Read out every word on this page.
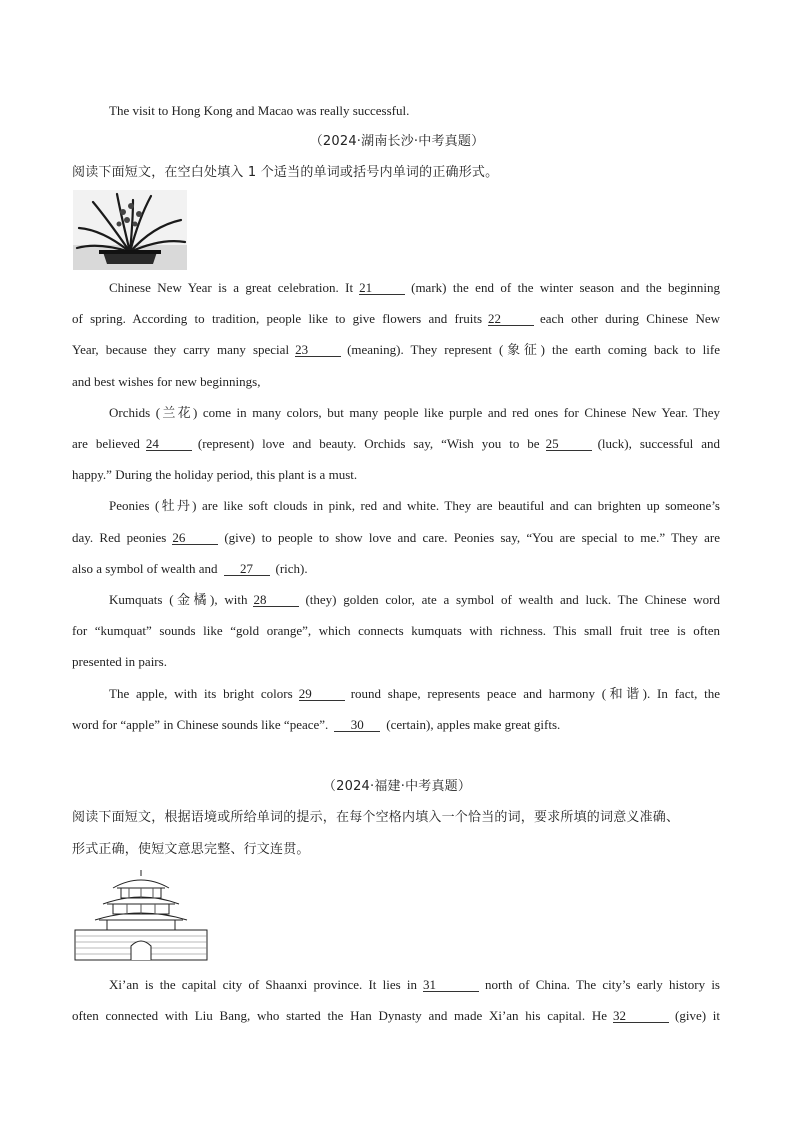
The visit to Hong Kong and Macao was really successful.
（2024·湖南长沙·中考真题）
阅读下面短文，在空白处填入 1 个适当的单词或括号内单词的正确形式。
Chinese New Year is a great celebration. It 21	(mark) the end of the winter season and the beginning
of spring. According to tradition, people like to give flowers and fruits 22	each other during Chinese New
Year, because they carry many special 23	(meaning). They represent (象征) the earth coming back to life
and best wishes for new beginnings,
Orchids (兰花) come in many colors, but many people like purple and red ones for Chinese New Year. They
are believed 24	(represent) love and beauty. Orchids say, “Wish you to be 25	(luck), successful and
happy.” During the holiday period, this plant is a must.
Peonies (牡丹) are like soft clouds in pink, red and white. They are beautiful and can brighten up someone’s
day. Red peonies 26	(give) to people to show love and care. Peonies say, “You are special to me.” They are
also a symbol of wealth and 27 (rich).
Kumquats (金橘), with 28	(they) golden color, ate a symbol of wealth and luck. The Chinese word
for “kumquat” sounds like “gold orange”, which connects kumquats with richness. This small fruit tree is often
presented in pairs.
The apple, with its bright colors 29	round shape, represents peace and harmony (和谐). In fact, the
word for “apple” in Chinese sounds like “peace”. 30 (certain), apples make great gifts.
（2024·福建·中考真题）
阅读下面短文，根据语境或所给单词的提示，在每个空格内填入一个恰当的词，要求所填的词意义准确、
形式正确，使短文意思完整、行文连贯。
Xi’an is the capital city of Shaanxi province. It lies in 31	north of China. The city’s early history is
often connected with Liu Bang, who started the Han Dynasty and made Xi’an his capital. He 32	(give) it
